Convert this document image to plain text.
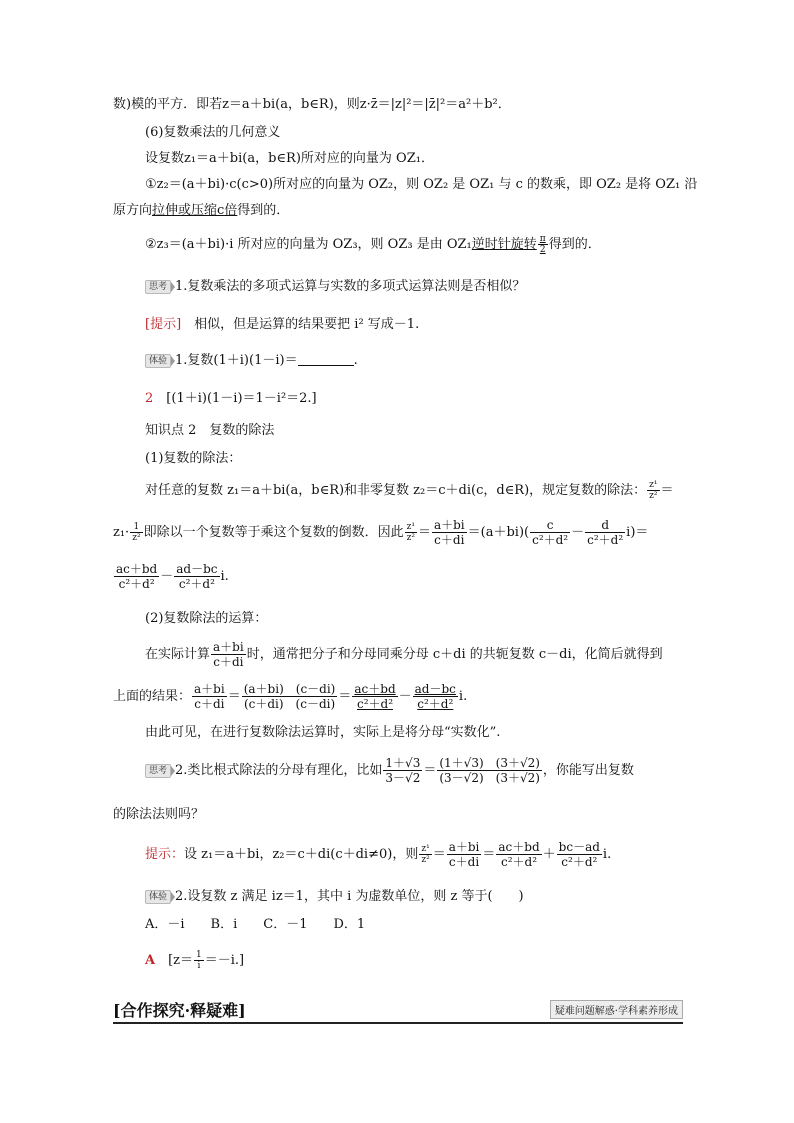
数)模的平方．即若z＝a＋bi(a，b∈R)，则z·z̄＝|z|²＝|z̄|²＝a²＋b²．
(6)复数乘法的几何意义
设复数z₁＝a＋bi(a，b∈R)所对应的向量为 OZ₁．
①z₂＝(a＋bi)·c(c>0)所对应的向量为 OZ₂，则 OZ₂ 是 OZ₁ 与 c 的数乘，即 OZ₂ 是将 OZ₁ 沿
原方向拉伸或压缩c倍得到的．
②z₃＝(a＋bi)·i 所对应的向量为 OZ₃，则 OZ₃ 是由 OZ₁逆时针旋转 $\frac{\pi}{2}$ 得到的．
思考 1.复数乘法的多项式运算与实数的多项式运算法则是否相似？
[提示]　 相似，但是运算的结果要把 i² 写成－1.
体验 1.复数(1＋i)(1－i)＝	.
2　 [(1＋i)(1－i)＝1－i²＝2.]
知识点 2　复数的除法
(1)复数的除法：
对任意的复数 z₁＝a＋bi(a，b∈R)和非零复数 z₂＝c＋di(c，d∈R)，规定复数的除法： $\frac{\text{z¹}}{\text{z²}}$ ＝
$z_1\cdot \frac{1}{\text{z²}}$ 即除以一个复数等于乘这个复数的倒数．因此 $\frac{\text{z¹}}{\text{z²}} = \frac{a+bi}{c+di} =(a+bi)( \frac{c}{\text{c²＋d²}} - \frac{d}{\text{c²＋d²}} i)=$
$\frac{ac+bd}{\text{c²＋d²}} - \frac{ad-bc}{\text{c²＋d²}} i$.
(2)复数除法的运算：
在实际计算 $\frac{a+bi}{c+di}$ 时，通常把分子和分母同乘分母 c＋di 的共轭复数 c－di，化简后就得到
上面的结果： $\frac{a+bi}{c+di} = \frac{(a+bi) (c-di)}{(c+di) (c-di)} = \frac{ac+bd}{\text{c²＋d²}} - \frac{ad-bc}{\text{c²＋d²}} i$.
由此可见，在进行复数除法运算时，实际上是将分母“实数化”.
思考 2.类比根式除法的分母有理化，比如 $\frac{1+√3}{3-√2} = \frac{(1+√3) (3+√2)}{(3-√2) (3+√2)}$ ，你能写出复数
的除法法则吗？
提示：设 z₁＝a＋bi，z₂＝c＋di(c＋di≠0)，则 $\frac{\text{z¹}}{\text{z²}} = \frac{a+bi}{c+di} = \frac{ac+bd}{\text{c²＋d²}} + \frac{bc-ad}{\text{c²＋d²}} i$.
体验 2.设复数 z 满足 iz＝1，其中 i 为虚数单位，则 z 等于(　　)
A．－i　　B．i　　C．－1　　D．1
A　 $[z= \frac{1}{i} =-i.]$
[合作探究·释疑难]	疑难问题解惑·学科素养形成
